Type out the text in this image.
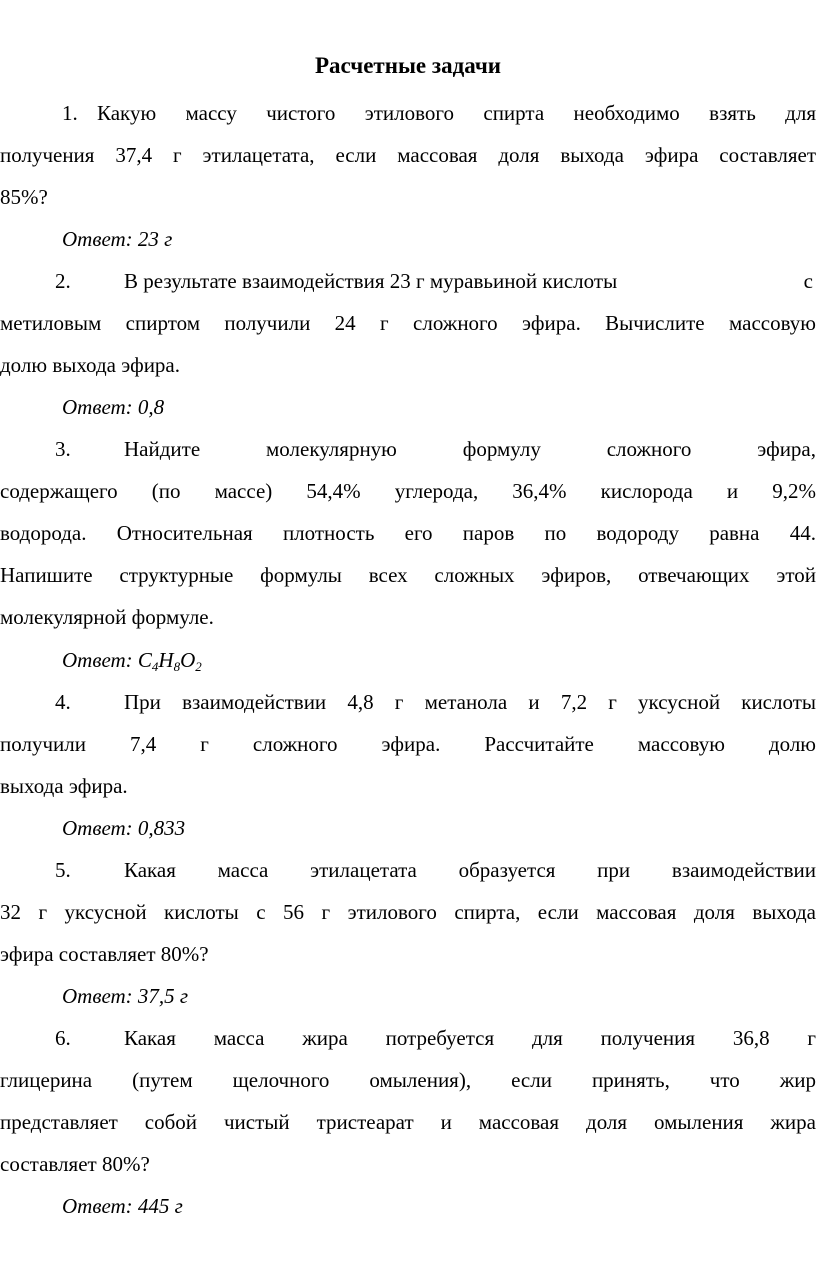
Расчетные задачи
1. Какую массу чистого этилового спирта необходимо взять для
получения 37,4 г этилацетата, если массовая доля выхода эфира составляет
85%?
Ответ: 23 г
2.	В результате взаимодействия 23 г муравьиной кислоты	с
метиловым спиртом получили 24 г сложного эфира. Вычислите массовую
долю выхода эфира.
Ответ: 0,8
3.	Найдите молекулярную формулу сложного эфира,
содержащего (по массе) 54,4% углерода, 36,4% кислорода и 9,2%
водорода. Относительная плотность его паров по водороду равна 44.
Напишите структурные формулы всех сложных эфиров, отвечающих этой
молекулярной формуле.
Ответ: $C_4H_8O_2$
4.	При взаимодействии 4,8 г метанола и 7,2 г уксусной кислоты
получили 7,4 г сложного эфира. Рассчитайте массовую долю
выхода эфира.
Ответ: 0,833
5.	Какая масса этилацетата образуется при взаимодействии
32 г уксусной кислоты с 56 г этилового спирта, если массовая доля выхода
эфира составляет 80%?
Ответ: 37,5 г
6.	Какая масса жира потребуется для получения 36,8 г
глицерина (путем щелочного омыления), если принять, что жир
представляет собой чистый тристеарат и массовая доля омыления жира
составляет 80%?
Ответ: 445 г
